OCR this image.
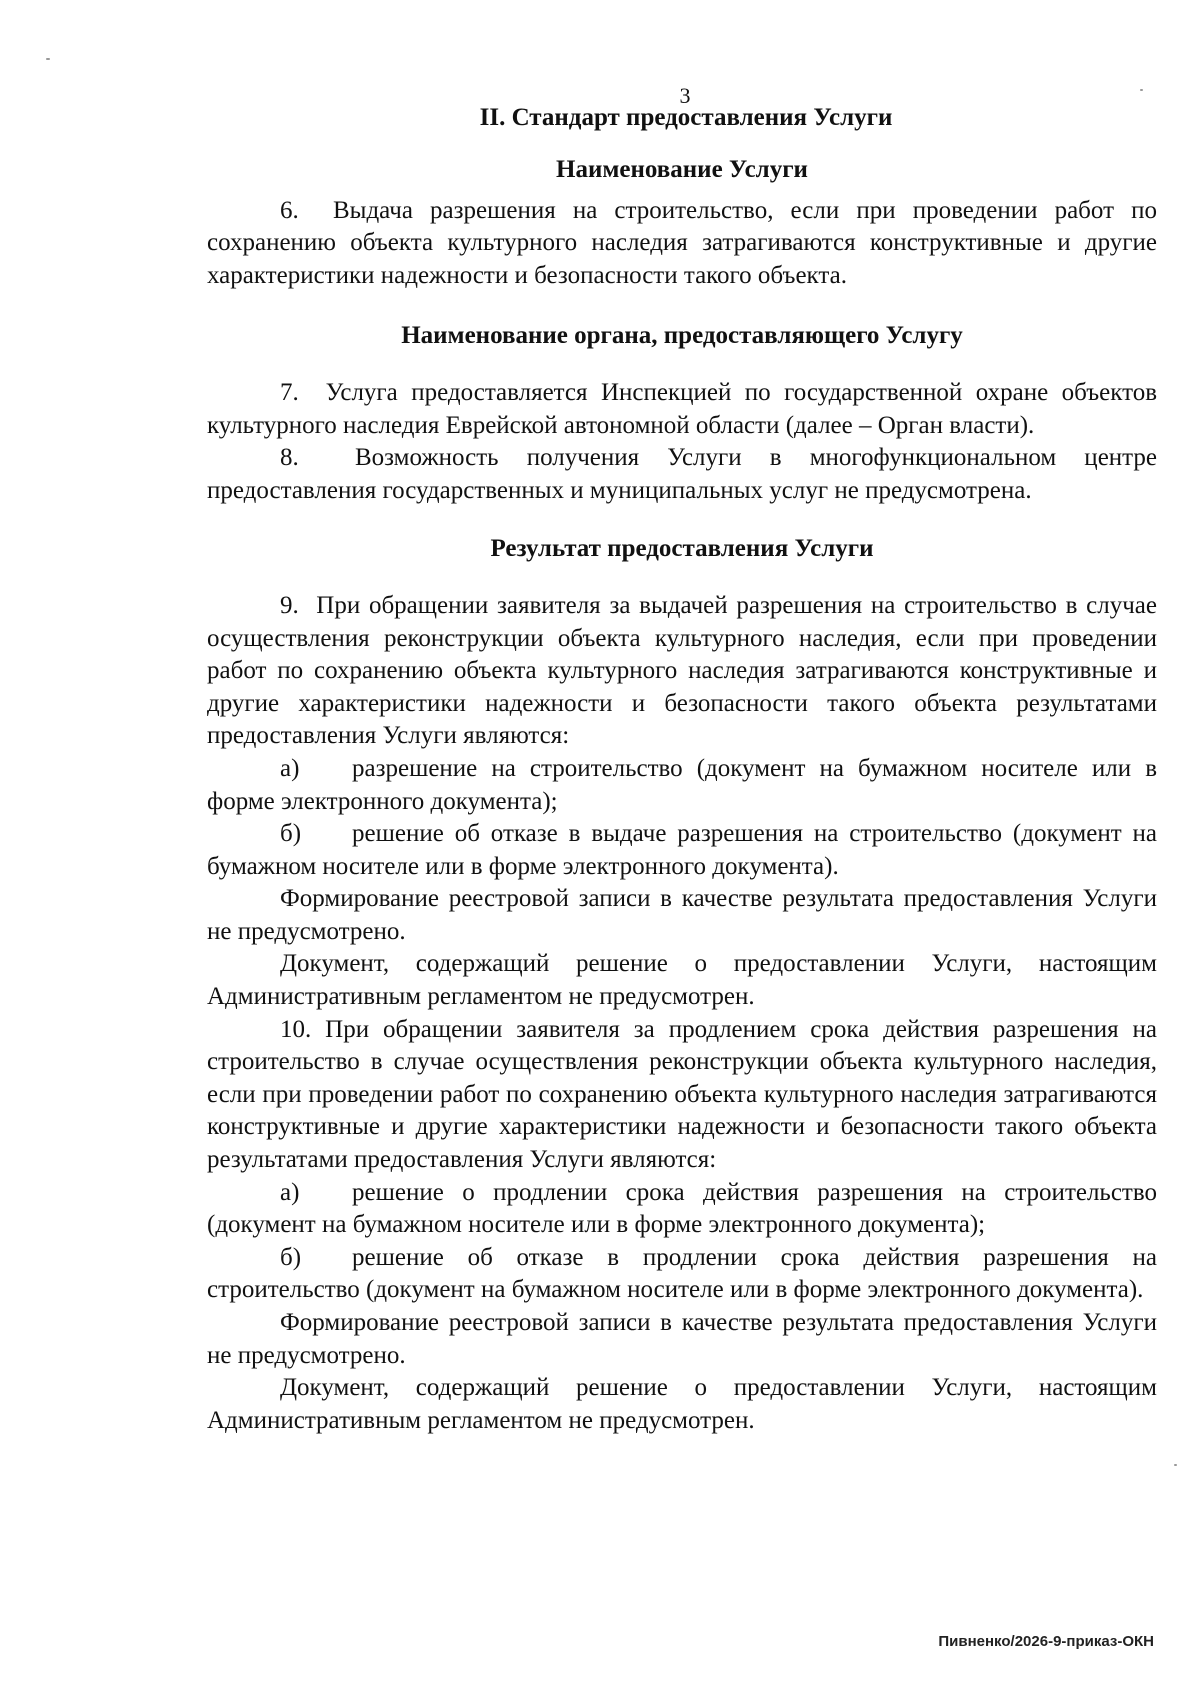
3
II. Стандарт предоставления Услуги

Наименование Услуги

6.  Выдача разрешения на строительство, если при проведении работ по сохранению объекта культурного наследия затрагиваются конструктивные и другие характеристики надежности и безопасности такого объекта.

Наименование органа, предоставляющего Услугу

7.  Услуга предоставляется Инспекцией по государственной охране объектов культурного наследия Еврейской автономной области (далее – Орган власти).

8.  Возможность получения Услуги в многофункциональном центре предоставления государственных и муниципальных услуг не предусмотрена.

Результат предоставления Услуги

9.  При обращении заявителя за выдачей разрешения на строительство в случае осуществления реконструкции объекта культурного наследия, если при проведении работ по сохранению объекта культурного наследия затрагиваются конструктивные и другие характеристики надежности и безопасности такого объекта результатами предоставления Услуги являются:

а) разрешение на строительство (документ на бумажном носителе или в форме электронного документа);

б) решение об отказе в выдаче разрешения на строительство (документ на бумажном носителе или в форме электронного документа).

Формирование реестровой записи в качестве результата предоставления Услуги не предусмотрено.

Документ, содержащий решение о предоставлении Услуги, настоящим Административным регламентом не предусмотрен.

10. При обращении заявителя за продлением срока действия разрешения на строительство в случае осуществления реконструкции объекта культурного наследия, если при проведении работ по сохранению объекта культурного наследия затрагиваются конструктивные и другие характеристики надежности и безопасности такого объекта результатами предоставления Услуги являются:

а) решение о продлении срока действия разрешения на строительство (документ на бумажном носителе или в форме электронного документа);

б) решение об отказе в продлении срока действия разрешения на строительство (документ на бумажном носителе или в форме электронного документа).

Формирование реестровой записи в качестве результата предоставления Услуги не предусмотрено.

Документ, содержащий решение о предоставлении Услуги, настоящим Административным регламентом не предусмотрен.

Пивненко/2026-9-приказ-ОКН
